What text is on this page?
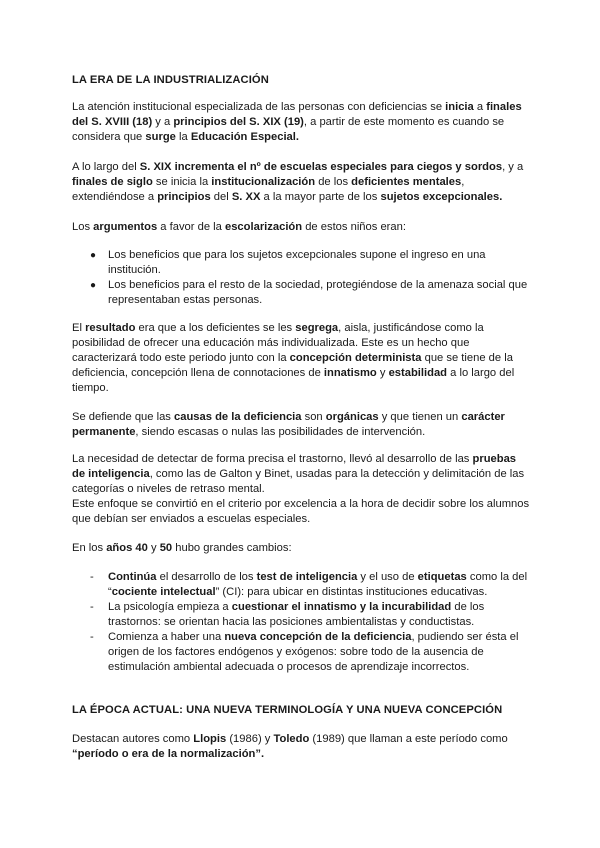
LA ERA DE LA INDUSTRIALIZACIÓN

La atención institucional especializada de las personas con deficiencias se inicia a finales del S. XVIII (18) y a principios del S. XIX (19), a partir de este momento es cuando se considera que surge la Educación Especial.

A lo largo del S. XIX incrementa el nº de escuelas especiales para ciegos y sordos, y a finales de siglo se inicia la institucionalización de los deficientes mentales, extendiéndose a principios del S. XX a la mayor parte de los sujetos excepcionales.

Los argumentos a favor de la escolarización de estos niños eran:

●	Los beneficios que para los sujetos excepcionales supone el ingreso en una institución.
●	Los beneficios para el resto de la sociedad, protegiéndose de la amenaza social que representaban estas personas.

El resultado era que a los deficientes se les segrega, aisla, justificándose como la posibilidad de ofrecer una educación más individualizada. Este es un hecho que caracterizará todo este periodo junto con la concepción determinista que se tiene de la deficiencia, concepción llena de connotaciones de innatismo y estabilidad a lo largo del tiempo.

Se defiende que las causas de la deficiencia son orgánicas y que tienen un carácter permanente, siendo escasas o nulas las posibilidades de intervención.

La necesidad de detectar de forma precisa el trastorno, llevó al desarrollo de las pruebas de inteligencia, como las de Galton y Binet, usadas para la detección y delimitación de las categorías o niveles de retraso mental.

Este enfoque se convirtió en el criterio por excelencia a la hora de decidir sobre los alumnos que debían ser enviados a escuelas especiales.

En los años 40 y 50 hubo grandes cambios:

-	Continúa el desarrollo de los test de inteligencia y el uso de etiquetas como la del “cociente intelectual” (CI): para ubicar en distintas instituciones educativas.
-	La psicología empieza a cuestionar el innatismo y la incurabilidad de los trastornos: se orientan hacia las posiciones ambientalistas y conductistas.
-	Comienza a haber una nueva concepción de la deficiencia, pudiendo ser ésta el origen de los factores endógenos y exógenos: sobre todo de la ausencia de estimulación ambiental adecuada o procesos de aprendizaje incorrectos.
LA ÉPOCA ACTUAL: UNA NUEVA TERMINOLOGÍA Y UNA NUEVA CONCEPCIÓN

Destacan autores como Llopis (1986) y Toledo (1989) que llaman a este período como “período o era de la normalización”.
